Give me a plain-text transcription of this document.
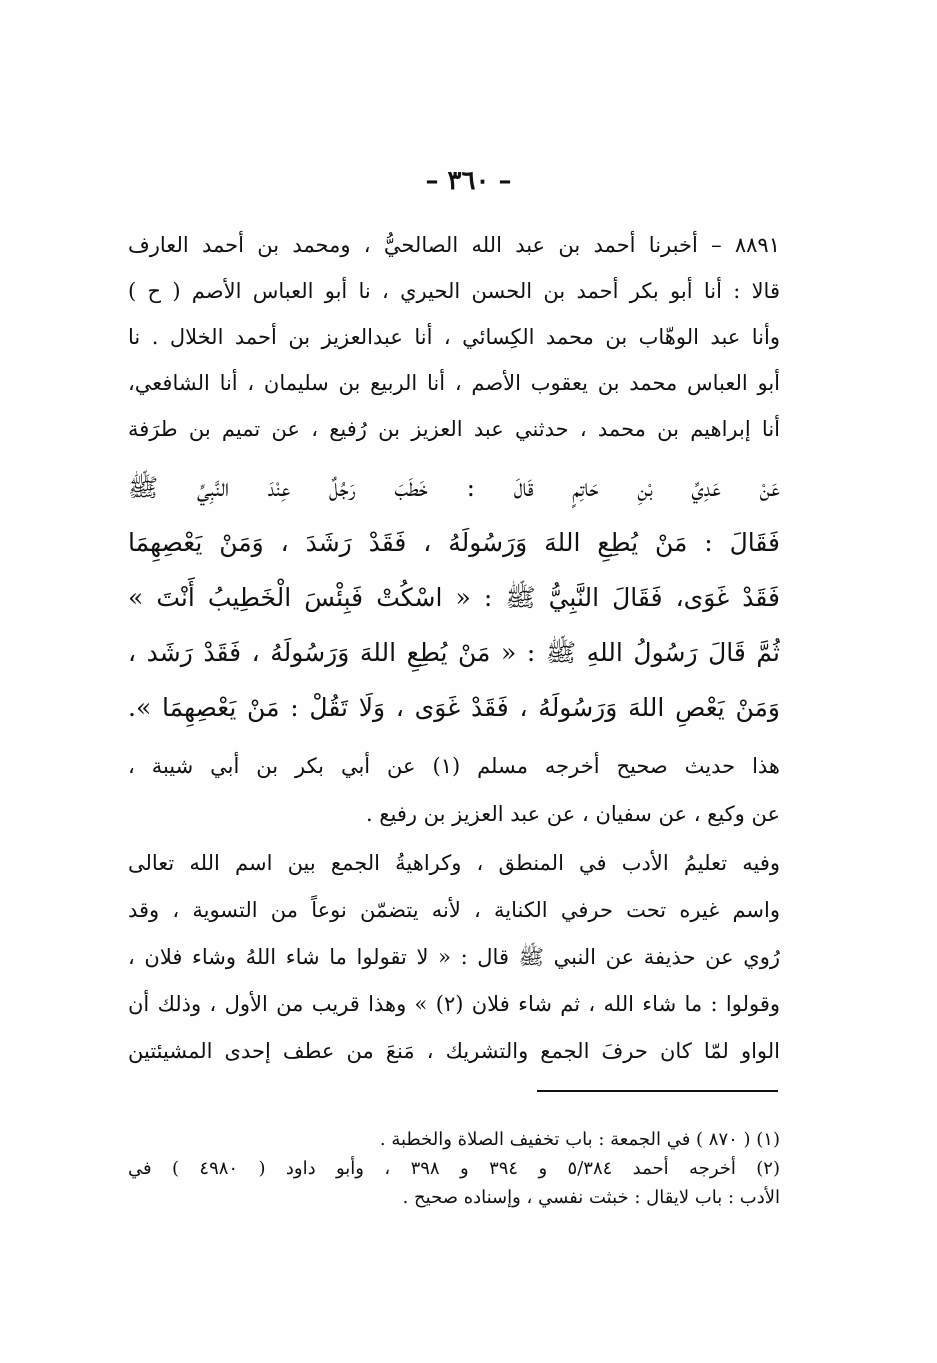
– ٣٦٠ –
٨٨٩١ – أخبرنا أحمد بن عبد الله الصالحيُّ ، ومحمد بن أحمد العارف
قالا : أنا أبو بكر أحمد بن الحسن الحيري ، نا أبو العباس الأصم ( ح )
وأنا عبد الوهّاب بن محمد الكِسائي ، أنا عبدالعزيز بن أحمد الخلال . نا
أبو العباس محمد بن يعقوب الأصم ، أنا الربيع بن سليمان ، أنا الشافعي،
أنا إبراهيم بن محمد ، حدثني عبد العزيز بن رُفيع ، عن تميم بن طرَفة
عَنْ عَدِيِّ بْنِ حَاتِمٍ قَالَ : خَطَبَ رَجُلٌ عِنْدَ النَّبِيِّ ﷺ
فَقَالَ : مَنْ يُطِعِ اللهَ وَرَسُولَهُ ، فَقَدْ رَشَدَ ، وَمَنْ يَعْصِهِمَا
فَقَدْ غَوَى، فَقَالَ النَّبِيُّ ﷺ : « اسْكُتْ فَبِئْسَ الْخَطِيبُ أَنْتَ »
ثُمَّ قَالَ رَسُولُ اللهِ ﷺ : « مَنْ يُطِعِ اللهَ وَرَسُولَهُ ، فَقَدْ رَشَد ،
وَمَنْ يَعْصِ اللهَ وَرَسُولَهُ ، فَقَدْ غَوَى ، وَلَا تَقُلْ : مَنْ يَعْصِهِمَا ».
هذا حديث صحيح أخرجه مسلم (١) عن أبي بكر بن أبي شيبة ،
عن وكيع ، عن سفيان ، عن عبد العزيز بن رفيع .
وفيه تعليمُ الأدب في المنطق ، وكراهيةُ الجمع بين اسم الله تعالى
واسم غيره تحت حرفي الكناية ، لأنه يتضمّن نوعاً من التسوية ، وقد
رُوي عن حذيفة عن النبي ﷺ قال : « لا تقولوا ما شاء اللهُ وشاء فلان ،
وقولوا : ما شاء الله ، ثم شاء فلان (٢) » وهذا قريب من الأول ، وذلك أن
الواو لمّا كان حرفَ الجمع والتشريك ، مَنعَ من عطف إحدى المشيئتين
(١) ( ٨٧٠ ) في الجمعة : باب تخفيف الصلاة والخطبة .
(٢) أخرجه أحمد ٥/٣٨٤ و ٣٩٤ و ٣٩٨ ، وأبو داود ( ٤٩٨٠ ) في
الأدب : باب لايقال : خبثت نفسي ، وإسناده صحيح .
